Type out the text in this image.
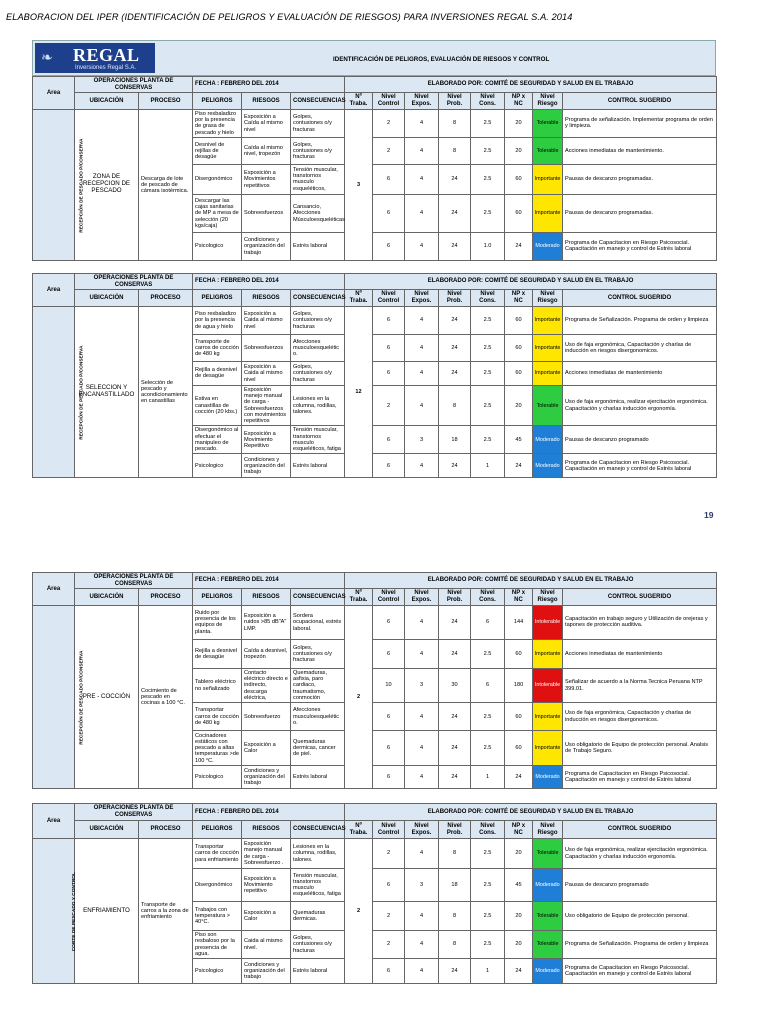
ELABORACION DEL IPER (IDENTIFICACIÓN DE PELIGROS Y EVALUACIÓN DE RIESGOS) PARA INVERSIONES REGAL S.A. 2014
❧ REGAL
Inversiones Regal S.A.
IDENTIFICACIÓN DE PELIGROS, EVALUACIÓN DE RIESGOS Y CONTROL
19
Area	OPERACIONES PLANTA DE CONSERVAS		FECHA : FEBRERO DEL 2014			ELABORADO POR: COMITÉ DE SEGURIDAD Y SALUD EN EL TRABAJO							
	UBICACIÓN	PROCESO	PELIGROS	RIESGOS	CONSECUENCIAS	Nº Traba.	Nivel Control	Nivel Expos.	Nivel Prob.	Nivel Cons.	NP x NC	Nivel Riesgo	CONTROL SUGERIDO
RECEPCIÓN DE PESCADO P/CONSERVA	ZONA DE RECEPCION DE PESCADO	Descarga de lote de pescado de cámara isotérmica.	Piso resbaladizo por la presencia de grasa de pescado y hielo	Exposición a Caída al mismo nivel	Golpes, contusiones o/y fracturas	3	2	4	8	2.5	20	Tolerable	Programa de señalización. Implementar programa de orden y limpieza.
			Desnivel de rejillas de desagüe	Caída al mismo nivel, tropezón	Golpes, contusiones o/y fracturas		2	4	8	2.5	20	Tolerable	Acciones inmediatas de mantenimiento.
			Disergonómico	Exposición a Movimientos repetitivos	Tensión muscular, transtornos musculo esqueléticos,		6	4	24	2.5	60	Importante	Pausas de descanzo programadas.
			Descargar las cajas sanitarias de MP a mesa de selección (20 kgs/caja)	Sobreesfuerzos	Cansancio, Afecciones Músculoesqueléticas		6	4	24	2.5	60	Importante	Pausas de descanzo programadas.
			Psicologico	Condiciones y organización del trabajo	Estrés laboral		6	4	24	1.0	24	Moderado	Programa de Capacitacion en Riesgo Psicosocial. Capacitación en manejo y control de Estrés laboral
Area	OPERACIONES PLANTA DE CONSERVAS		FECHA : FEBRERO DEL 2014			ELABORADO POR: COMITÉ DE SEGURIDAD Y SALUD EN EL TRABAJO							
	UBICACIÓN	PROCESO	PELIGROS	RIESGOS	CONSECUENCIAS	Nº Traba.	Nivel Control	Nivel Expos.	Nivel Prob.	Nivel Cons.	NP x NC	Nivel Riesgo	CONTROL SUGERIDO
RECEPCIÓN DE PESCADO P/CONSERVA	SELECCION Y ENCANASTILLADO	Selección de pescado y acondicionamiento en canastillas	Piso resbaladizo por la presencia de agua y hielo	Exposición a Caida al mismo nivel	Golpes, contusiones o/y fracturas	12	6	4	24	2.5	60	Importante	Programa de Señalización. Programa de orden y limpieza
			Transporte de carros de cocción de 480 kg	Sobreesfuerzos	Afecciones musculoesquelétic o.		6	4	24	2.5	60	Importante	Uso de faja ergonómica, Capacitación y charlas de inducción en riesgos disergonomicos.
			Rejilla a desnivel de desagüe	Exposición a Caida al mismo nivel	Golpes, contusiones o/y fracturas		6	4	24	2.5	60	Importante	Acciones inmediatas de mantenimiento
			Estiva en canastillas de cocción (20 kbs.)	Exposición manejo manual de carga - Sobreesfuerzos con movimientos repetitivos	Lesiones en la columna, rodillas, talones.		2	4	8	2.5	20	Tolerable	Uso de faja ergonómica, realizar ejercitación ergonómica. Capacitación y charlas inducción ergonomía.
			Disergonómico al efectuar el manipuleo de pescado.	Exposición a Movimiento Repetitivo	Tensión muscular, transtornos musculo esqueléticos, fatiga		6	3	18	2.5	45	Moderado	Pausas de descanzo programado
			Psicologico	Condiciones y organización del trabajo	Estrés laboral		6	4	24	1	24	Moderado	Programa de Capacitacion en Riesgo Psicosocial. Capacitación en manejo y control de Estrés laboral
Area	OPERACIONES PLANTA DE CONSERVAS		FECHA : FEBRERO DEL 2014			ELABORADO POR: COMITÉ DE SEGURIDAD Y SALUD EN EL TRABAJO							
	UBICACIÓN	PROCESO	PELIGROS	RIESGOS	CONSECUENCIAS	Nº Traba.	Nivel Control	Nivel Expos.	Nivel Prob.	Nivel Cons.	NP x NC	Nivel Riesgo	CONTROL SUGERIDO
RECEPCIÓN DE PESCADO P/CONSERVA	PRE - COCCIÓN	Cocimiento de pescado en cocinas a 100 °C.	Ruido por presencia de los equipos de planta.	Exposición a ruidos >85 dB"A" LMP.	Sordera ocupacional, estrés laboral.	2	6	4	24	6	144	Intolerable	Capacitación en trabajo seguro y Utilización de orejeras y tapones de protección auditiva.
			Rejilla a desnivel de desagüe	Caída a desnivel, tropezón	Golpes, contusiones o/y fracturas		6	4	24	2.5	60	Importante	Acciones inmediatas de mantenimiento
			Tablero eléctrico no señalizado	Contacto eléctrico directo e indirecto, descarga eléctrica,	Quemaduras, asfixia, paro cardiaco, traumatismo, conmoción		10	3	30	6	180	Intolerable	Señalizar de acuerdo a la Norma Tecnica Peruana NTP 399.01.
			Transportar carros de cocción de 480 kg	Sobreesfuerzo	Afecciones musculoesquelétic o.		6	4	24	2.5	60	Importante	Uso de faja ergonómica, Capacitación y charlas de inducción en riesgos disergonomicos.
			Cocinadores estáticos con pescado a altas temperaturas >de 100 °C.	Exposición a Calor	Quemaduras dermicas, cancer de piel.		6	4	24	2.5	60	Importante	Uso obligatorio de Equipo de protección personal. Analsis de Trabajo Seguro.
			Psicologico	Condiciones y organización del trabajo	Estrés laboral		6	4	24	1	24	Moderado	Programa de Capacitacion en Riesgo Psicosocial. Capacitación en manejo y control de Estrés laboral
Area	OPERACIONES PLANTA DE CONSERVAS		FECHA : FEBRERO DEL 2014			ELABORADO POR: COMITÉ DE SEGURIDAD Y SALUD EN EL TRABAJO							
	UBICACIÓN	PROCESO	PELIGROS	RIESGOS	CONSECUENCIAS	Nº Traba.	Nivel Control	Nivel Expos.	Nivel Prob.	Nivel Cons.	NP x NC	Nivel Riesgo	CONTROL SUGERIDO
CORTE DE PESCADO Y CONTROL	ENFRIAMIENTO	Transporte de carros a la zona de enfriamiento	Transportar carros de cocción para enfriamiento	Exposición manejo manual de carga - Sobreesfuerzo .	Lesiones en la columna, rodillas, talones.	2	2	4	8	2.5	20	Tolerable	Uso de faja ergonómica, realizar ejercitación ergonómica. Capacitación y charlas inducción ergonomía.
			Disergonómico	Exposición a Movimiento repetitivo	Tensión muscular, transtornos musculo esqueléticos, fatiga		6	3	18	2.5	45	Moderado	Pausas de descanzo programado
			Trabajos con temperatura > 40°C.	Exposición a Calor	Quemaduras dermicas.		2	4	8	2.5	20	Tolerable	Uso obligatorio de Equipo de protección personal.
			Piso son resbaloso por la presencia de agua.	Caida al mismo nivel.	Golpes, contusiones o/y fracturas		2	4	8	2.5	20	Tolerable	Programa de Señalización. Programa de orden y limpieza
			Psicologico	Condiciones y organización del trabajo	Estrés laboral		6	4	24	1	24	Moderado	Programa de Capacitacion en Riesgo Psicosocial. Capacitación en manejo y control de Estrés laboral
